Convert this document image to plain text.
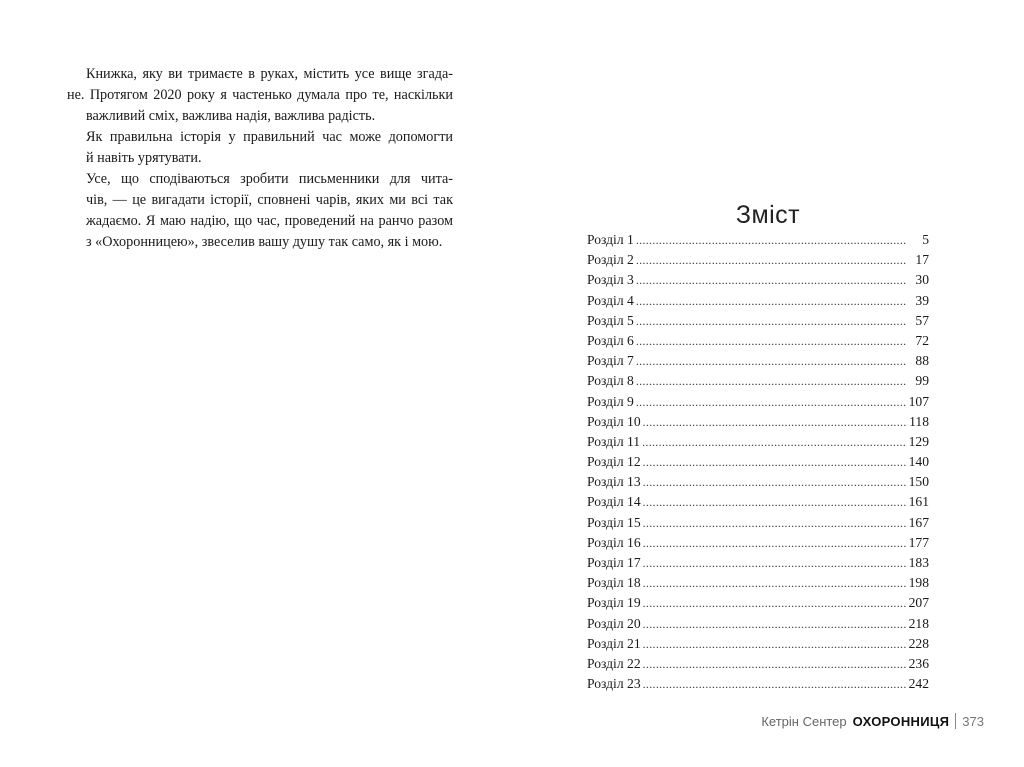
Книжка, яку ви тримаєте в руках, містить усе вище згада-
не. Протягом 2020 року я частенько думала про те, наскільки
важливий сміх, важлива надія, важлива радість.

Як правильна історія у правильний час може допомогти
й навіть урятувати.

Усе, що сподіваються зробити письменники для чита-
чів, — це вигадати історії, сповнені чарів, яких ми всі так
жадаємо. Я маю надію, що час, проведений на ранчо разом
з «Охоронницею», звеселив вашу душу так само, як і мою.

Зміст
Розділ 1 .....	5
Розділ 2 .....	17
Розділ 3 .....	30
Розділ 4 .....	39
Розділ 5 .....	57
Розділ 6 .....	72
Розділ 7 .....	88
Розділ 8 .....	99
Розділ 9 .....	107
Розділ 10 .....	118
Розділ 11 .....	129
Розділ 12 .....	140
Розділ 13 .....	150
Розділ 14 .....	161
Розділ 15 .....	167
Розділ 16 .....	177
Розділ 17 .....	183
Розділ 18 .....	198
Розділ 19 .....	207
Розділ 20 .....	218
Розділ 21 .....	228
Розділ 22 .....	236
Розділ 23 .....	242
Кетрін Сентер ОХОРОННИЦЯ 373
